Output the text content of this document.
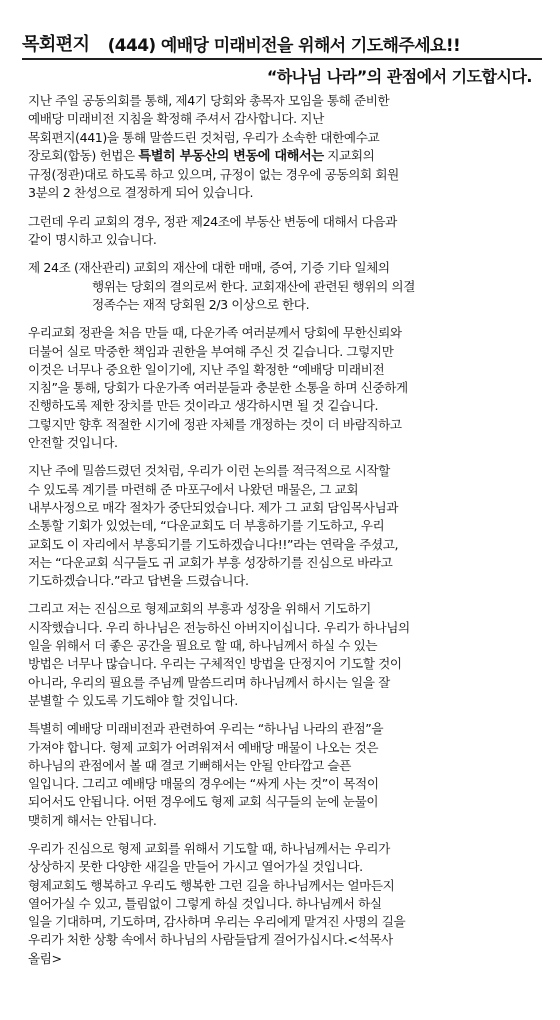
목회편지 (444) 예배당 미래비전을 위해서 기도해주세요!!
“하나님 나라”의 관점에서 기도합시다.

지난 주일 공동의회를 통해, 제4기 당회와 총목자 모임을 통해 준비한
예배당 미래비전 지침을 확정해 주셔서 감사합니다. 지난
목회편지(441)을 통해 말씀드린 것처럼, 우리가 소속한 대한예수교
장로회(합동) 헌법은 특별히 부동산의 변동에 대해서는 지교회의
규정(정관)대로 하도록 하고 있으며, 규정이 없는 경우에 공동의회 회원
3분의 2 찬성으로 결정하게 되어 있습니다.

그런데 우리 교회의 경우, 정관 제24조에 부동산 변동에 대해서 다음과
같이 명시하고 있습니다.

제 24조 (재산관리) 교회의 재산에 대한 매매, 증여, 기증 기타 일체의
행위는 당회의 결의로써 한다. 교회재산에 관련된 행위의 의결
정족수는 재적 당회원 2/3 이상으로 한다.

우리교회 정관을 처음 만들 때, 다운가족 여러분께서 당회에 무한신뢰와
더불어 실로 막중한 책임과 권한을 부여해 주신 것 깉습니다. 그렇지만
이것은 너무나 중요한 일이기에, 지난 주일 확정한 “예배당 미래비전
지침”을 통해, 당회가 다운가족 여러분들과 충분한 소통을 하며 신중하게
진행하도록 제한 장치를 만든 것이라고 생각하시면 될 것 깉습니다.
그렇지만 향후 적절한 시기에 정관 자체를 개정하는 것이 더 바람직하고
안전할 것입니다.

지난 주에 밀씀드렸던 것처럼, 우리가 이런 논의를 적극적으로 시작할
수 있도록 계기를 마련해 준 마포구에서 나왔던 매물은, 그 교회
내부사정으로 매각 절차가 중단되었습니다. 제가 그 교회 담임목사님과
소통할 기회가 있었는데, “다운교회도 더 부흥하기를 기도하고, 우리
교회도 이 자리에서 부흥되기를 기도하겠습니다!!”라는 연락을 주셨고,
저는 “다운교회 식구들도 귀 교회가 부흥 성장하기를 진심으로 바라고
기도하겠습니다.”라고 답변을 드렸습니다.

그리고 저는 진심으로 형제교회의 부흥과 성장을 위해서 기도하기
시작했습니다. 우리 하나님은 전능하신 아버지이십니다. 우리가 하나님의
일을 위해서 더 좋은 공간을 필요로 할 때, 하나님께서 하실 수 있는
방법은 너무나 많습니다. 우리는 구체적인 방법을 단정지어 기도할 것이
아니라, 우리의 필요를 주님께 말씀드리며 하나님께서 하시는 일을 잘
분별할 수 있도록 기도해야 할 것입니다.

특별히 예배당 미래비전과 관련하여 우리는 “하나님 나라의 관점”을
가져야 합니다. 형제 교회가 어려워져서 예배당 매물이 나오는 것은
하나님의 관점에서 볼 때 결코 기뻐해서는 안될 안타깝고 슬픈
일입니다. 그리고 예배당 매물의 경우에는 “싸게 사는 것”이 목적이
되어서도 안됩니다. 어떤 경우에도 형제 교회 식구들의 눈에 눈물이
맺히게 해서는 안됩니다.

우리가 진심으로 형제 교회를 위해서 기도할 때, 하나님께서는 우리가
상상하지 못한 다양한 새길을 만들어 가시고 열어가실 것입니다.
형제교회도 행복하고 우리도 행복한 그런 길을 하나님께서는 얼마든지
열어가실 수 있고, 틀림없이 그렇게 하실 것입니다. 하나님께서 하실
일을 기대하며, 기도하며, 감사하며 우리는 우리에게 맡겨진 사명의 길을
우리가 처한 상황 속에서 하나님의 사람들답게 걸어가십시다.<석목사
올림>
